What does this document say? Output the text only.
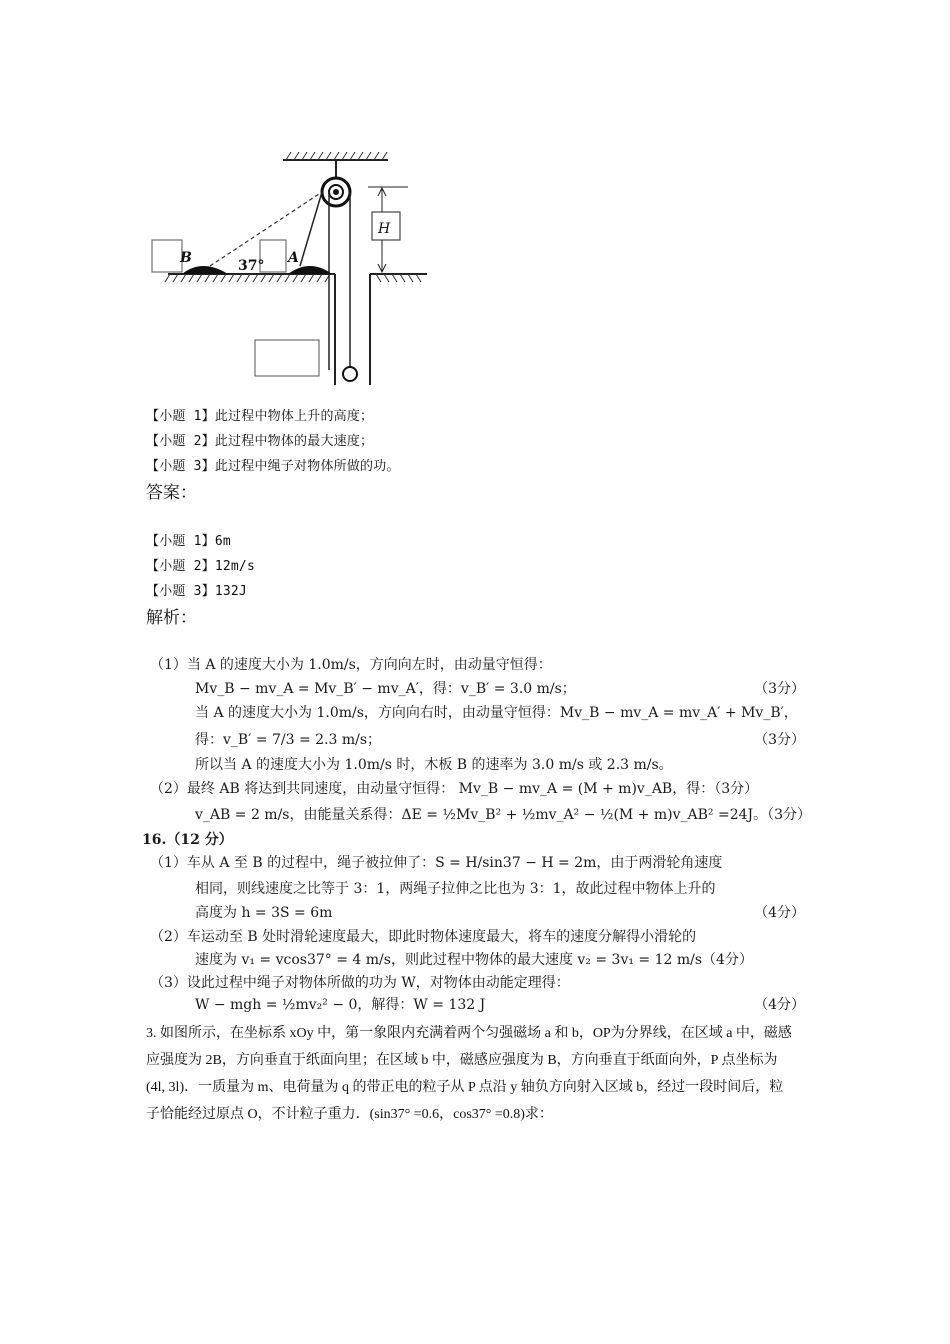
H
B	A
37°
【小题 1】此过程中物体上升的高度；
【小题 2】此过程中物体的最大速度；
【小题 3】此过程中绳子对物体所做的功。
答案：
【小题 1】6m
【小题 2】12m/s
【小题 3】132J
解析：
（1）当 A 的速度大小为 1.0m/s，方向向左时，由动量守恒得：
Mv_B − mv_A = Mv_B′ − mv_A′，得：v_B′ = 3.0 m/s；	（3分）
当 A 的速度大小为 1.0m/s，方向向右时，由动量守恒得：Mv_B − mv_A = mv_A′ + Mv_B′，
得：v_B′ = 7/3 = 2.3 m/s；	（3分）
所以当 A 的速度大小为 1.0m/s 时，木板 B 的速率为 3.0 m/s 或 2.3 m/s。
（2）最终 AB 将达到共同速度，由动量守恒得： Mv_B − mv_A = (M + m)v_AB，得：（3分）
v_AB = 2 m/s，由能量关系得：ΔE = ½Mv_B² + ½mv_A² − ½(M + m)v_AB² =24J。（3分）
16.（12 分）
（1）车从 A 至 B 的过程中，绳子被拉伸了：S = H/sin37 − H = 2m，由于两滑轮角速度
相同，则线速度之比等于 3：1，两绳子拉伸之比也为 3：1，故此过程中物体上升的
高度为 h = 3S = 6m	（4分）
（2）车运动至 B 处时滑轮速度最大，即此时物体速度最大，将车的速度分解得小滑轮的
速度为 v₁ = vcos37° = 4 m/s，则此过程中物体的最大速度 v₂ = 3v₁ = 12 m/s（4分）
（3）设此过程中绳子对物体所做的功为 W，对物体由动能定理得：
W − mgh = ½mv₂² − 0，解得：W = 132 J	（4分）
3. 如图所示，在坐标系 xOy 中，第一象限内充满着两个匀强磁场 a 和 b，OP为分界线，在区域 a 中，磁感
应强度为 2B，方向垂直于纸面向里；在区域 b 中，磁感应强度为 B，方向垂直于纸面向外，P 点坐标为
(4l, 3l)．一质量为 m、电荷量为 q 的带正电的粒子从 P 点沿 y 轴负方向射入区域 b，经过一段时间后，粒
子恰能经过原点 O，不计粒子重力．(sin37° =0.6，cos37° =0.8)求：
